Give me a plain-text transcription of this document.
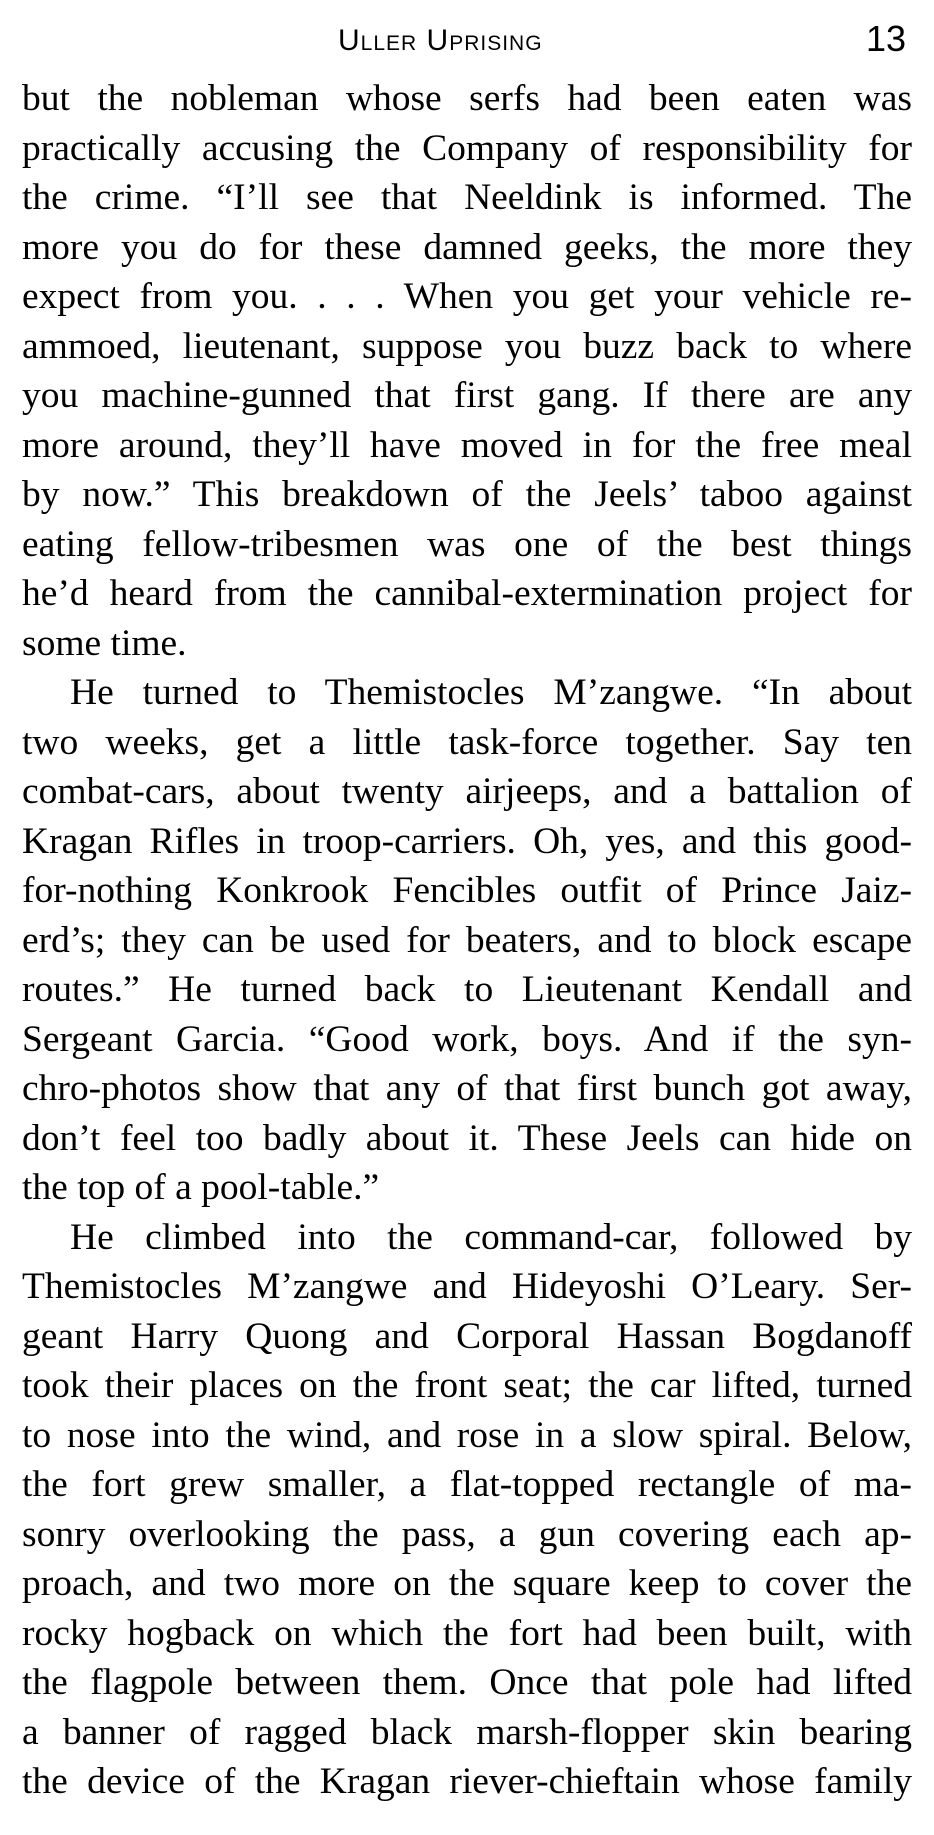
Uller Uprising	13
but the nobleman whose serfs had been eaten was
practically accusing the Company of responsibility for
the crime. “I’ll see that Neeldink is informed. The
more you do for these damned geeks, the more they
expect from you. . . . When you get your vehicle re-
ammoed, lieutenant, suppose you buzz back to where
you machine-gunned that first gang. If there are any
more around, they’ll have moved in for the free meal
by now.” This breakdown of the Jeels’ taboo against
eating fellow-tribesmen was one of the best things
he’d heard from the cannibal-extermination project for
some time.
He turned to Themistocles M’zangwe. “In about
two weeks, get a little task-force together. Say ten
combat-cars, about twenty airjeeps, and a battalion of
Kragan Rifles in troop-carriers. Oh, yes, and this good-
for-nothing Konkrook Fencibles outfit of Prince Jaiz-
erd’s; they can be used for beaters, and to block escape
routes.” He turned back to Lieutenant Kendall and
Sergeant Garcia. “Good work, boys. And if the syn-
chro-photos show that any of that first bunch got away,
don’t feel too badly about it. These Jeels can hide on
the top of a pool-table.”
He climbed into the command-car, followed by
Themistocles M’zangwe and Hideyoshi O’Leary. Ser-
geant Harry Quong and Corporal Hassan Bogdanoff
took their places on the front seat; the car lifted, turned
to nose into the wind, and rose in a slow spiral. Below,
the fort grew smaller, a flat-topped rectangle of ma-
sonry overlooking the pass, a gun covering each ap-
proach, and two more on the square keep to cover the
rocky hogback on which the fort had been built, with
the flagpole between them. Once that pole had lifted
a banner of ragged black marsh-flopper skin bearing
the device of the Kragan riever-chieftain whose family
